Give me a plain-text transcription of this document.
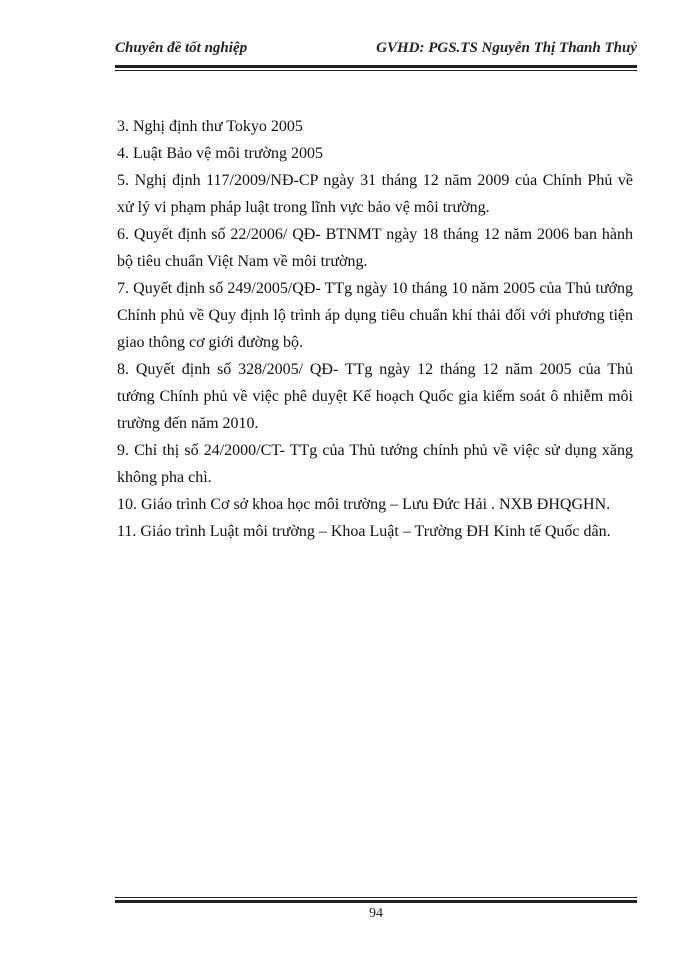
Chuyên đề tốt nghiệp	GVHD: PGS.TS Nguyễn Thị Thanh Thuỷ
3. Nghị định thư Tokyo 2005
4. Luật Bảo vệ môi trường 2005
5. Nghị định 117/2009/NĐ-CP ngày 31 tháng 12 năm 2009 của Chính Phủ về xử lý vi phạm pháp luật trong lĩnh vực bảo vệ môi trường.
6. Quyết định số 22/2006/ QĐ- BTNMT ngày 18 tháng 12 năm 2006 ban hành bộ tiêu chuẩn Việt Nam về môi trường.
7. Quyết định số 249/2005/QĐ- TTg ngày 10 tháng 10 năm 2005 của Thủ tướng Chính phủ về Quy định lộ trình áp dụng tiêu chuẩn khí thải đối với phương tiện giao thông cơ giới đường bộ.
8. Quyết định số 328/2005/ QĐ- TTg ngày 12 tháng 12 năm 2005 của Thủ tướng Chính phủ về việc phê duyệt Kế hoạch Quốc gia kiểm soát ô nhiễm môi trường đến năm 2010.
9. Chỉ thị số 24/2000/CT- TTg của Thủ tướng chính phủ về việc sử dụng xăng không pha chì.
10. Giáo trình Cơ sở khoa học môi trường – Lưu Đức Hải . NXB ĐHQGHN.
11. Giáo trình Luật môi trường – Khoa Luật – Trường ĐH Kinh tế Quốc dân.
94
